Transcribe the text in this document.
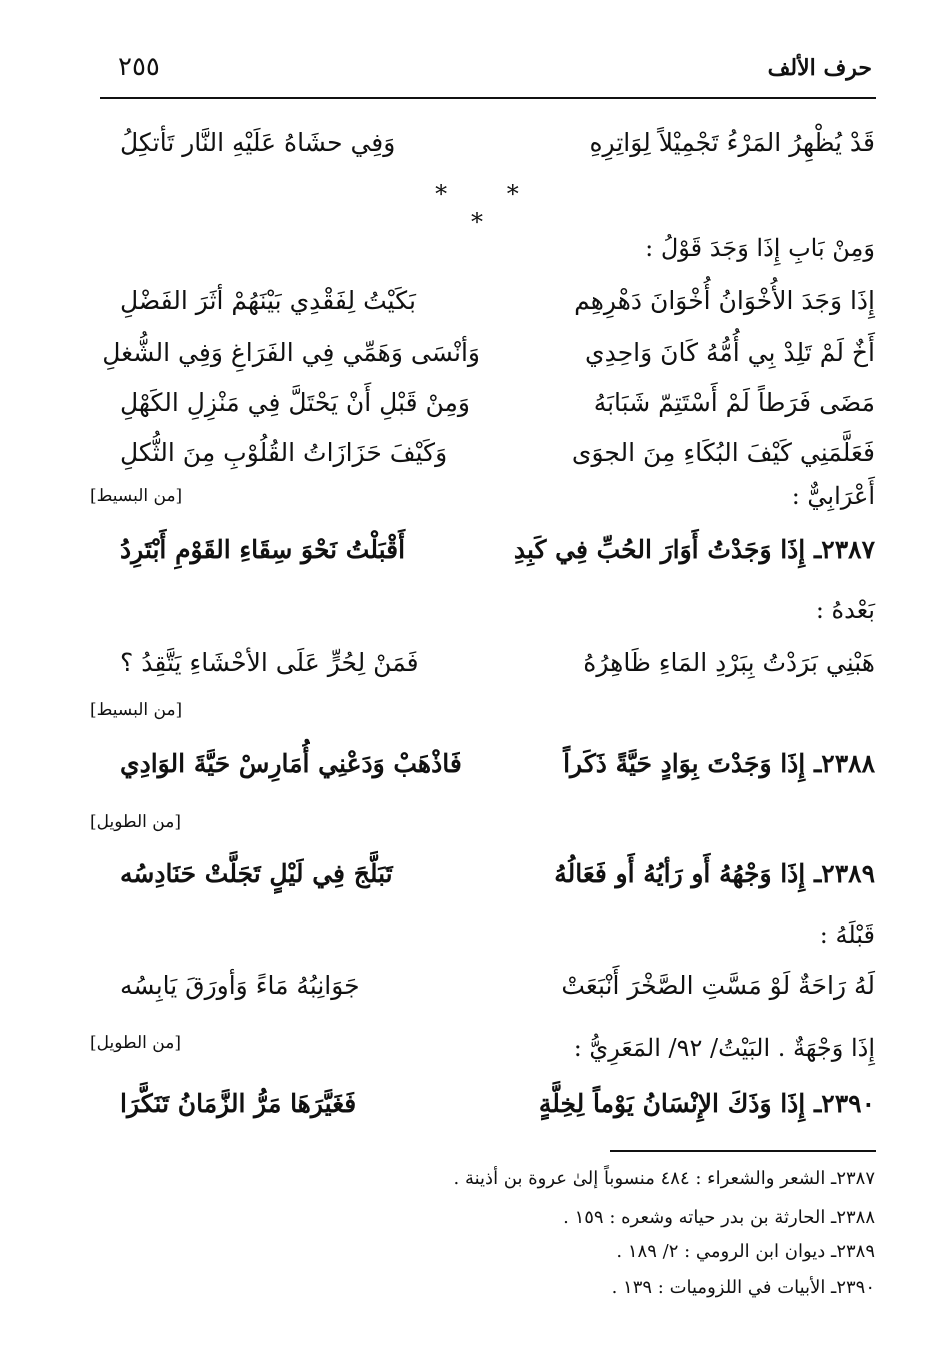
حرف الألف
٢٥٥
قَدْ يُظْهِرُ المَرْءُ تَجْمِيْلاً لِوَاتِرِهِ
وَفِي حشَاهُ عَلَيْهِ النَّار تَأتكِلُ
* * *
وَمِنْ بَابِ إِذَا وَجَدَ قَوْلُ :
إِذَا وَجَدَ الأُخْوَانُ أُخْوَانَ دَهْرِهِم
بَكَيْتُ لِفَقْدِي بَيْنَهُمْ أثَرَ الفَضْلِ
أَخٌ لَمْ تَلِدْ بِي أُمُّهُ كَانَ وَاحِدِي
وَأنْسَى وَهَمِّي فِي الفَرَاغِ وَفِي الشُّغلِ
مَضَى فَرَطاً لَمْ أَسْتَتِمّ شَبَابَهُ
وَمِنْ قَبْلِ أَنْ يَحْتَلَّ فِي مَنْزِلِ الكَهْلِ
فَعَلَّمَنِي كَيْفَ البُكَاءِ مِنَ الجوَى
وَكَيْفَ حَزَازَاتُ القُلُوْبِ مِنَ الثُّكلِ
أَعْرَابِيٌّ :
[من البسيط]
٢٣٨٧ـ إِذَا وَجَدْتُ أَوَارَ الحُبِّ فِي كَبِدِ
أَقْبَلْتُ نَحْوَ سِقَاءِ القَوْمِ أَبْتَرِدُ
بَعْدهُ :
هَبْنِي بَرَدْتُ بِبَرْدِ المَاءِ ظَاهِرُهُ
فَمَنْ لِحُرٍّ عَلَى الأحْشَاءِ يَتَّقِدُ ؟
[من البسيط]
٢٣٨٨ـ إِذَا وَجَدْتَ بِوَادٍ حَيَّةً ذَكَراً
فَاذْهَبْ وَدَعْنِي أُمَارِسْ حَيَّةَ الوَادِي
[من الطويل]
٢٣٨٩ـ إِذَا وَجْهُهُ أَو رَأيُهُ أَو فَعَالُهُ
تَبَلَّجَ فِي لَيْلٍ تَجَلَّتْ حَنَادِسُه
قَبْلَهُ :
لَهُ رَاحَةٌ لَوْ مَسَّتِ الصَّخْرَ أَنْبَعَتْ
جَوَانِبُهُ مَاءً وَأورَقَ يَابِسُه
إِذَا وَجْهَةٌ . البَيْتُ/ ٩٢/ المَعَرِيُّ :
[من الطويل]
٢٣٩٠ـ إِذَا وَذَكَ الإِنْسَانُ يَوْماً لِخِلَّةٍ
فَغَيَّرَهَا مَرُّ الزَّمَانُ تَنَكَّرَا
٢٣٨٧ـ الشعر والشعراء : ٤٨٤ منسوباً إلىٰ عروة بن أذينة .
٢٣٨٨ـ الحارثة بن بدر حياته وشعره : ١٥٩ .
٢٣٨٩ـ ديوان ابن الرومي : ٢/ ١٨٩ .
٢٣٩٠ـ الأبيات في اللزوميات : ١٣٩ .
